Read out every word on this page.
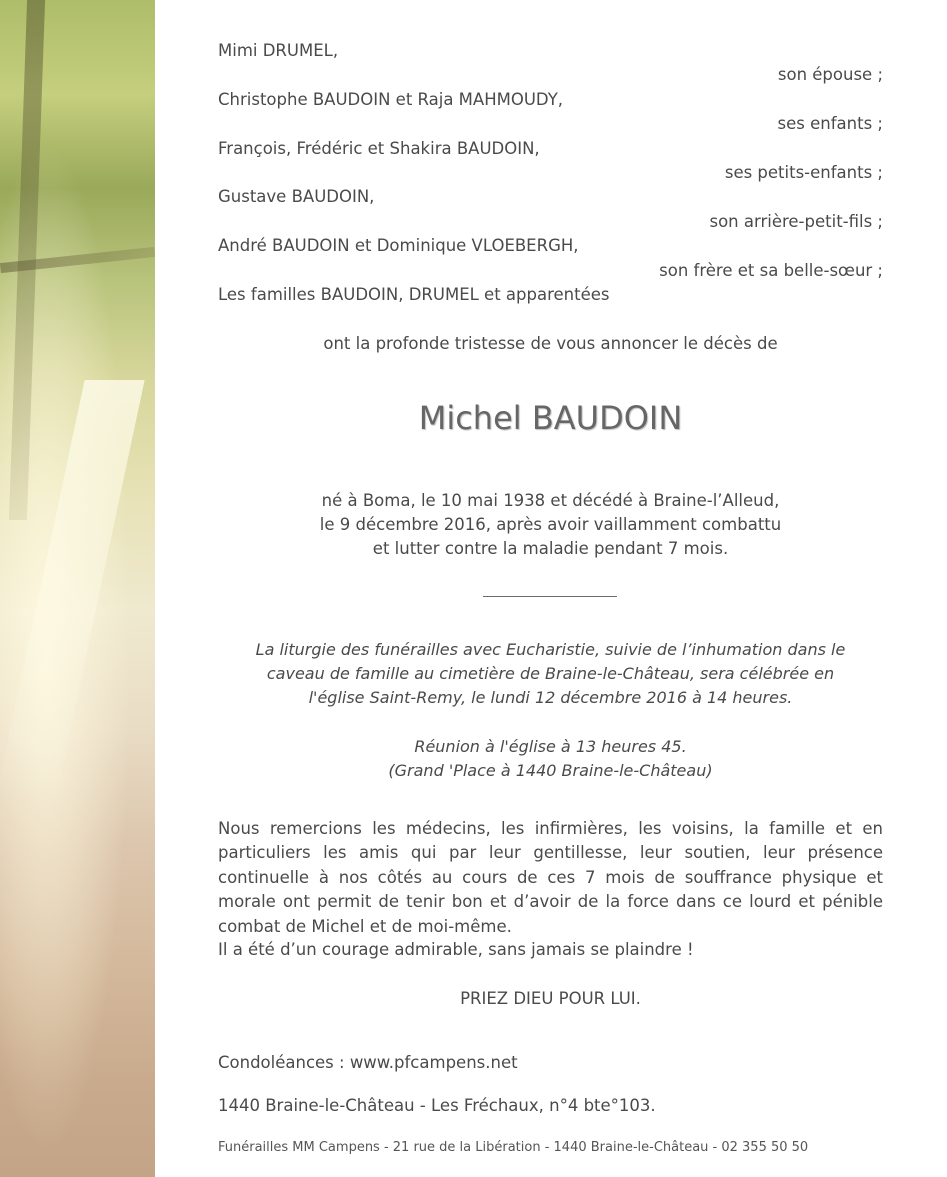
Mimi DRUMEL,
son épouse ;
Christophe BAUDOIN et Raja MAHMOUDY,
ses enfants ;
François, Frédéric et Shakira BAUDOIN,
ses petits-enfants ;
Gustave BAUDOIN,
son arrière-petit-fils ;
André BAUDOIN et Dominique VLOEBERGH,
son frère et sa belle-sœur ;
Les familles BAUDOIN, DRUMEL et apparentées
ont la profonde tristesse de vous annoncer le décès de
Michel BAUDOIN
né à Boma, le 10 mai 1938 et décédé à Braine-l’Alleud,
le 9 décembre 2016, après avoir vaillamment combattu
et lutter contre la maladie pendant 7 mois.
La liturgie des funérailles avec Eucharistie, suivie de l’inhumation dans le
caveau de famille au cimetière de Braine-le-Château, sera célébrée en
l'église Saint-Remy, le lundi 12 décembre 2016 à 14 heures.
Réunion à l'église à 13 heures 45.
(Grand 'Place à 1440 Braine-le-Château)
Nous remercions les médecins, les infirmières, les voisins, la famille et en particuliers les amis qui par leur gentillesse, leur soutien, leur présence continuelle à nos côtés au cours de ces 7 mois de souffrance physique et morale ont permit de tenir bon et d’avoir de la force dans ce lourd et pénible combat de Michel et de moi-même.
Il a été d’un courage admirable, sans jamais se plaindre !
PRIEZ DIEU POUR LUI.
Condoléances : www.pfcampens.net
1440 Braine-le-Château - Les Fréchaux, n°4 bte°103.
Funérailles MM Campens - 21 rue de la Libération - 1440 Braine-le-Château - 02 355 50 50
